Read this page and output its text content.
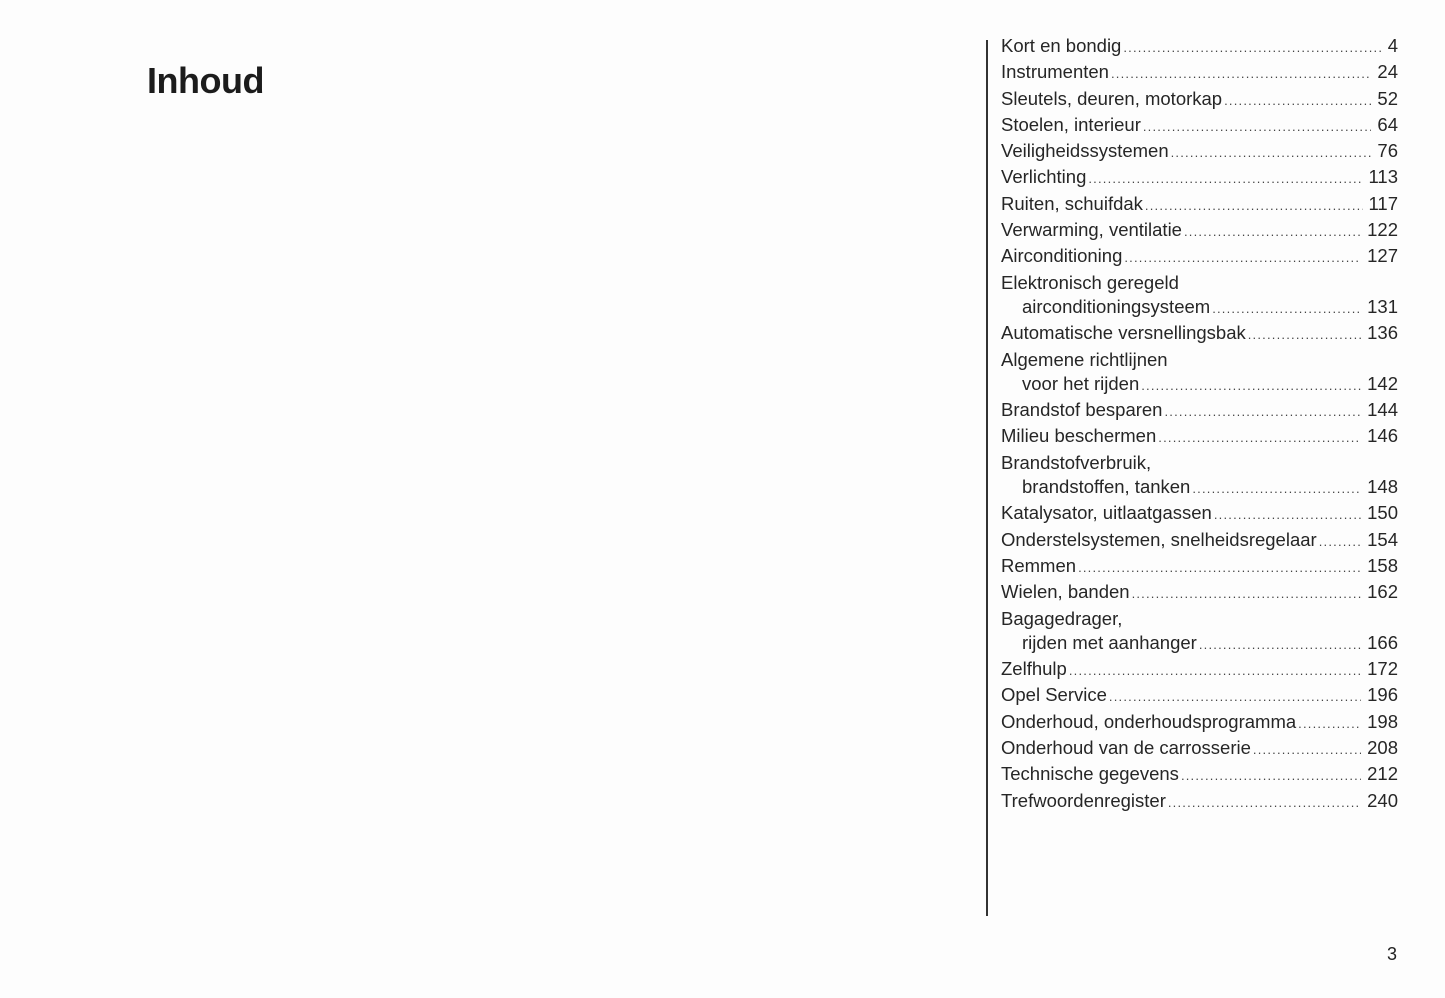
Inhoud
Kort en bondig .....	4
Instrumenten .....	24
Sleutels, deuren, motorkap .....	52
Stoelen, interieur .....	64
Veiligheidssystemen .....	76
Verlichting .....	113
Ruiten, schuifdak .....	117
Verwarming, ventilatie .....	122
Airconditioning .....	127
Elektronisch geregeld
airconditioningsysteem .....	131
Automatische versnellingsbak .....	136
Algemene richtlijnen
voor het rijden .....	142
Brandstof besparen .....	144
Milieu beschermen .....	146
Brandstofverbruik,
brandstoffen, tanken .....	148
Katalysator, uitlaatgassen .....	150
Onderstelsystemen, snelheidsregelaar .....	154
Remmen .....	158
Wielen, banden .....	162
Bagagedrager,
rijden met aanhanger .....	166
Zelfhulp .....	172
Opel Service .....	196
Onderhoud, onderhoudsprogramma .....	198
Onderhoud van de carrosserie .....	208
Technische gegevens .....	212
Trefwoordenregister .....	240
3
